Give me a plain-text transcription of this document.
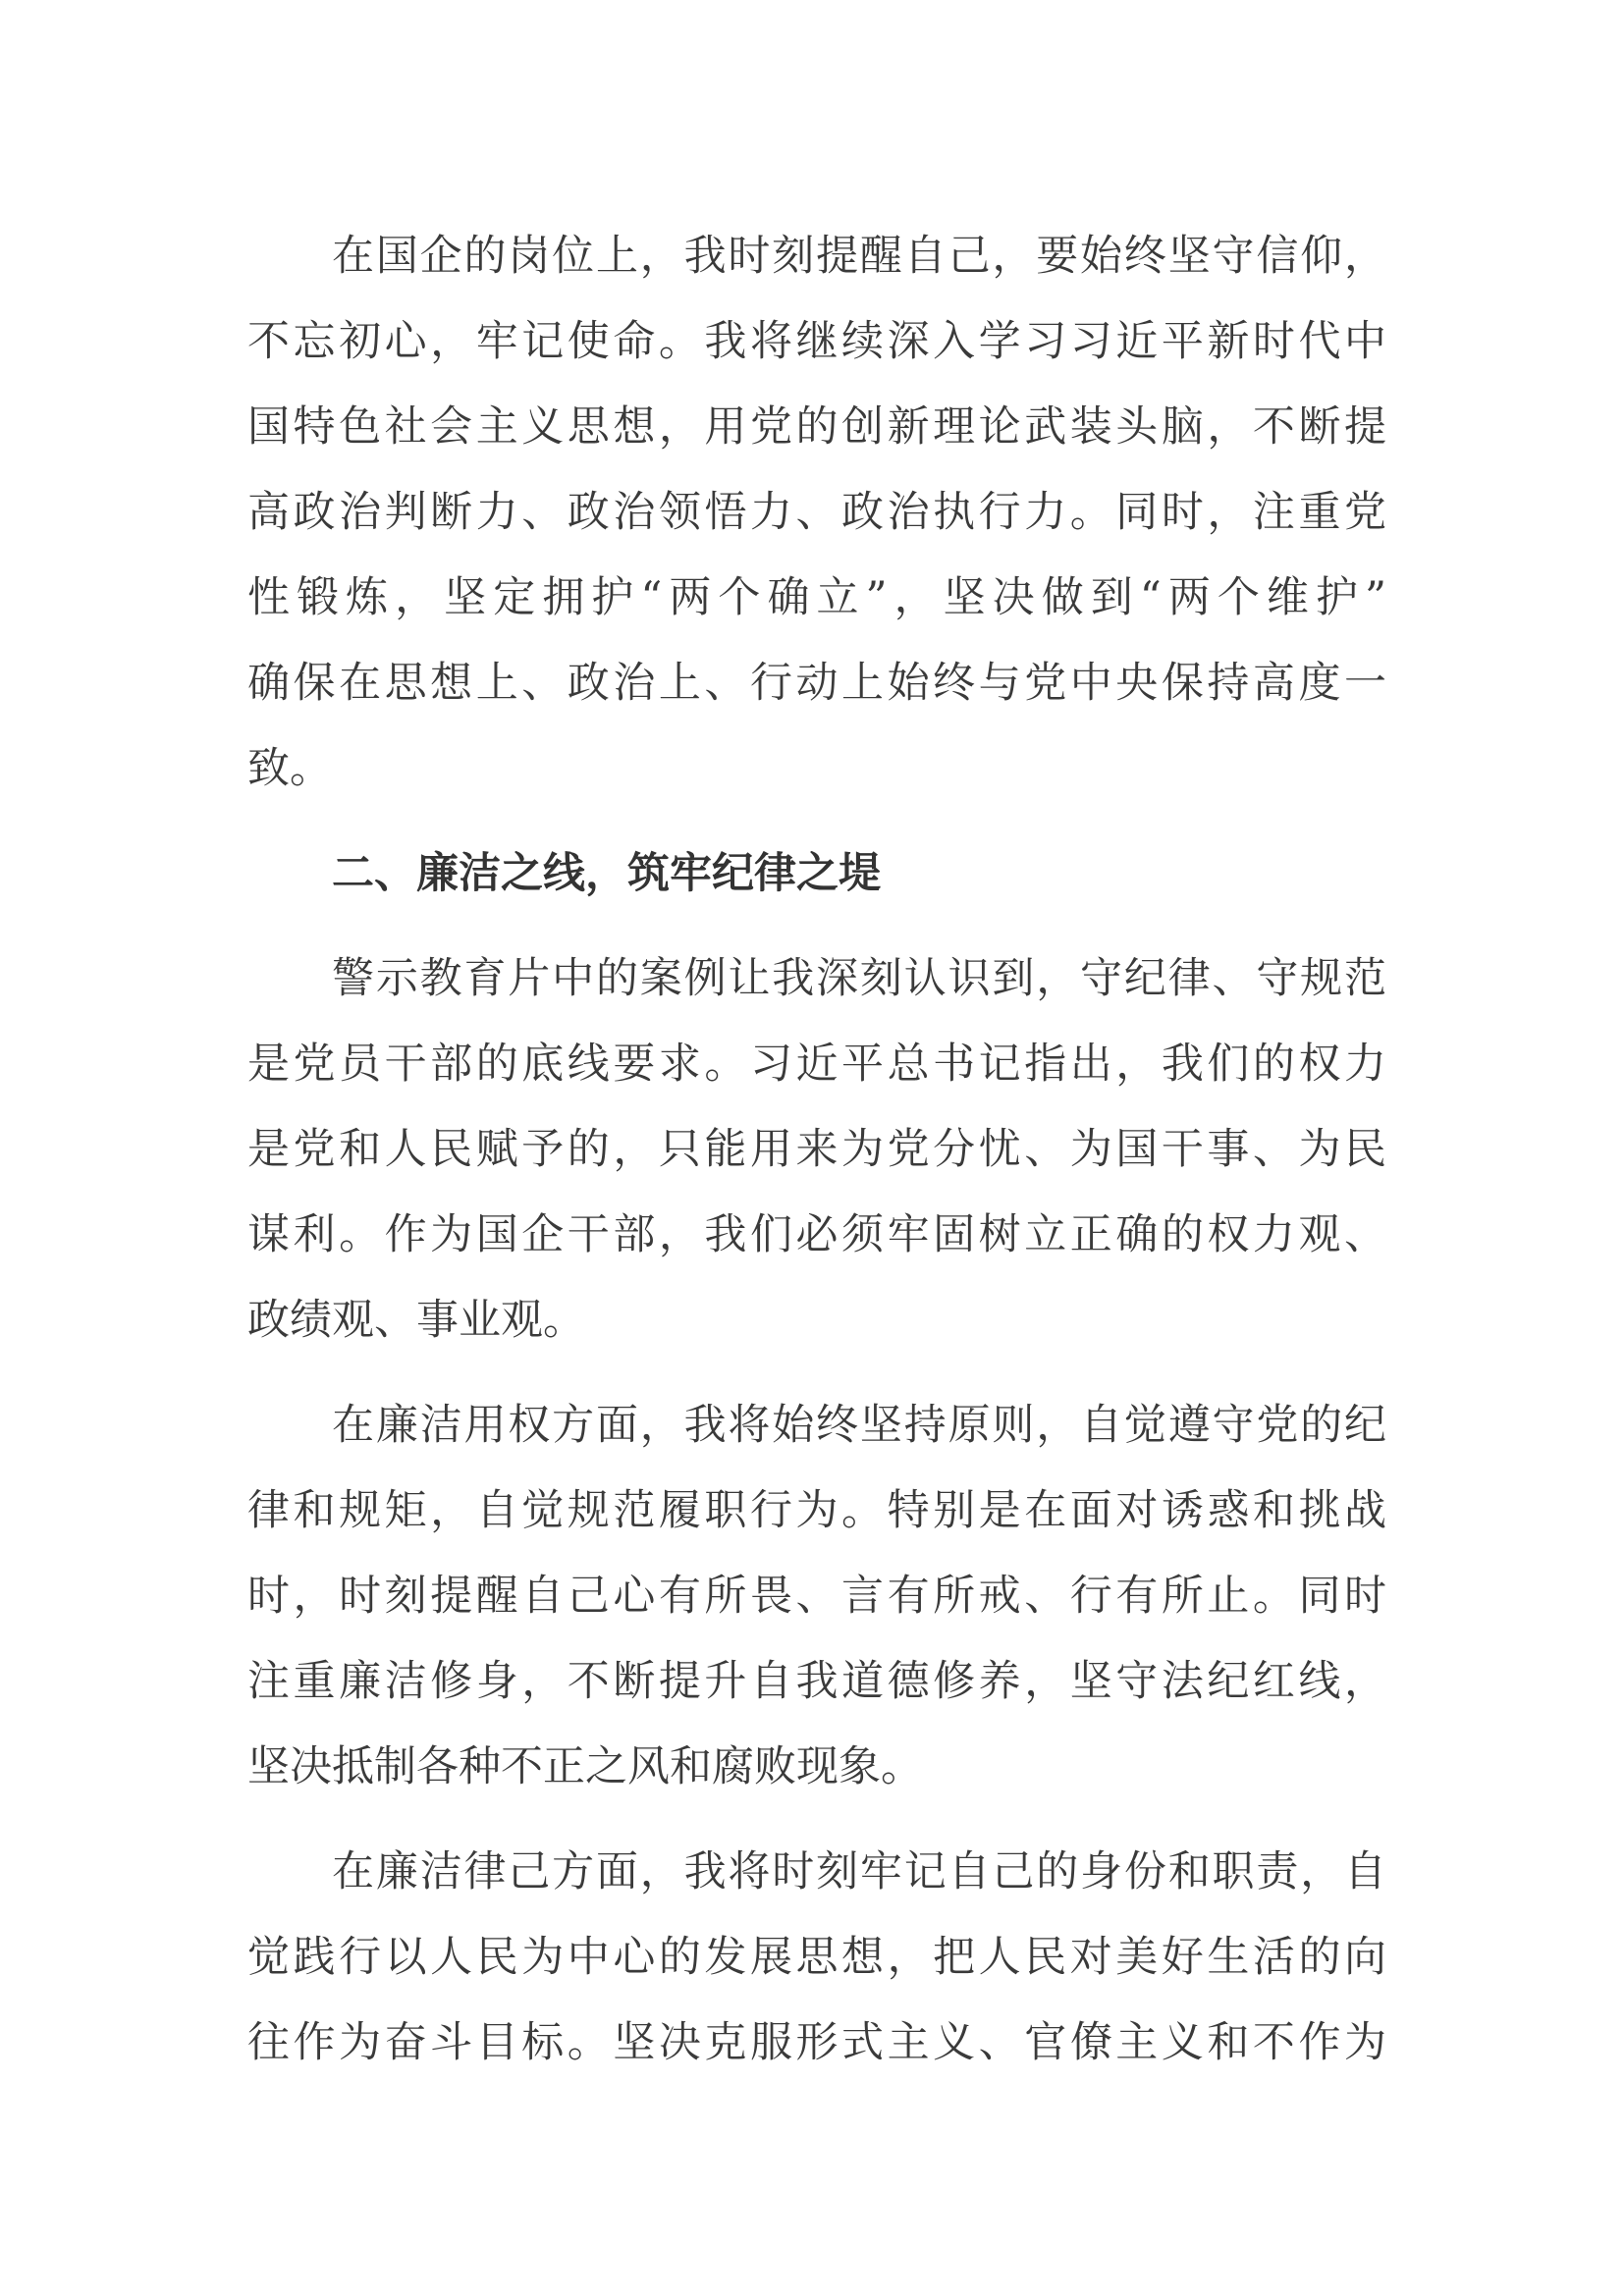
在国企的岗位上，我时刻提醒自己，要始终坚守信仰，
不忘初心，牢记使命。我将继续深入学习习近平新时代中
国特色社会主义思想，用党的创新理论武装头脑，不断提
高政治判断力、政治领悟力、政治执行力。同时，注重党
性锻炼，坚定拥护“两个确立”，坚决做到“两个维护”
确保在思想上、政治上、行动上始终与党中央保持高度一
致。
二、廉洁之线，筑牢纪律之堤
警示教育片中的案例让我深刻认识到，守纪律、守规范
是党员干部的底线要求。习近平总书记指出，我们的权力
是党和人民赋予的，只能用来为党分忧、为国干事、为民
谋利。作为国企干部，我们必须牢固树立正确的权力观、
政绩观、事业观。
在廉洁用权方面，我将始终坚持原则，自觉遵守党的纪
律和规矩，自觉规范履职行为。特别是在面对诱惑和挑战
时，时刻提醒自己心有所畏、言有所戒、行有所止。同时
注重廉洁修身，不断提升自我道德修养，坚守法纪红线，
坚决抵制各种不正之风和腐败现象。
在廉洁律己方面，我将时刻牢记自己的身份和职责，自
觉践行以人民为中心的发展思想，把人民对美好生活的向
往作为奋斗目标。坚决克服形式主义、官僚主义和不作为
